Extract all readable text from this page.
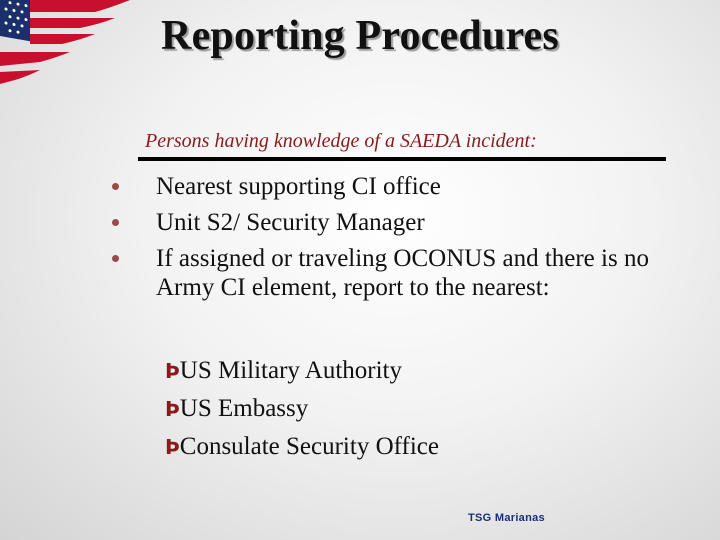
Reporting Procedures
Persons having knowledge of a SAEDA incident:
Nearest supporting CI office
Unit S2/ Security Manager
If assigned or traveling OCONUS and there is no Army CI element, report to the nearest:
ÞUS Military Authority
ÞUS Embassy
ÞConsulate Security Office
TSG Marianas
